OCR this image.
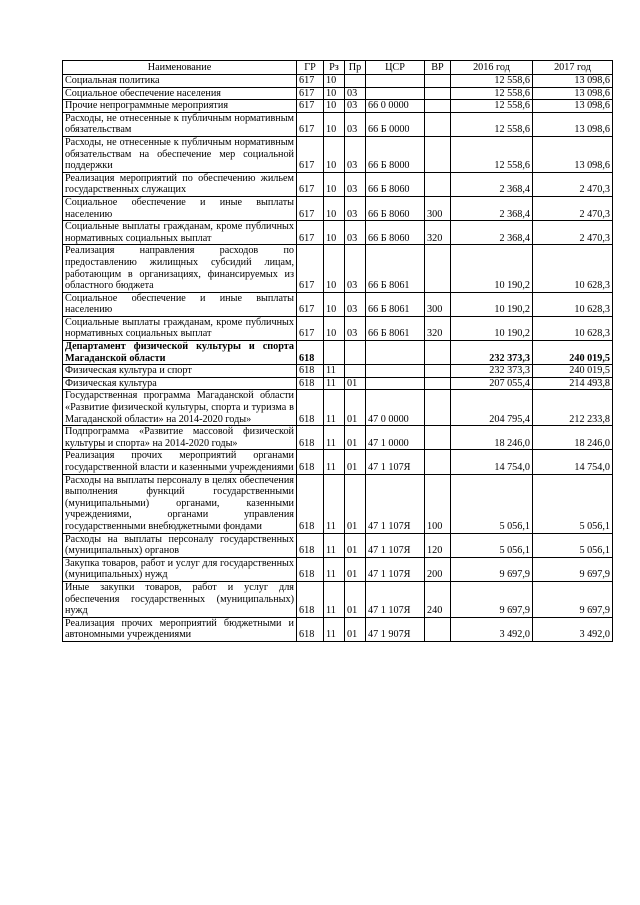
Наименование	ГР	Рз	Пр	ЦСР	ВР	2016 год	2017 год
Социальная политика	617	10				12 558,6	13 098,6
Социальное обеспечение населения	617	10	03			12 558,6	13 098,6
Прочие непрограммные мероприятия	617	10	03	66 0 0000		12 558,6	13 098,6
Расходы, не отнесенные к публичным нормативным обязательствам	617	10	03	66 Б 0000		12 558,6	13 098,6
Расходы, не отнесенные к публичным нормативным обязательствам на обеспечение мер социальной поддержки	617	10	03	66 Б 8000		12 558,6	13 098,6
Реализация мероприятий по обеспечению жильем государственных служащих	617	10	03	66 Б 8060		2 368,4	2 470,3
Социальное обеспечение и иные выплаты населению	617	10	03	66 Б 8060	300	2 368,4	2 470,3
Социальные выплаты гражданам, кроме публичных нормативных социальных выплат	617	10	03	66 Б 8060	320	2 368,4	2 470,3
Реализация направления расходов по предоставлению жилищных субсидий лицам, работающим в организациях, финансируемых из областного бюджета	617	10	03	66 Б 8061		10 190,2	10 628,3
Социальное обеспечение и иные выплаты населению	617	10	03	66 Б 8061	300	10 190,2	10 628,3
Социальные выплаты гражданам, кроме публичных нормативных социальных выплат	617	10	03	66 Б 8061	320	10 190,2	10 628,3
Департамент физической культуры и спорта Магаданской области	618					232 373,3	240 019,5
Физическая культура и спорт	618	11				232 373,3	240 019,5
Физическая культура	618	11	01			207 055,4	214 493,8
Государственная программа Магаданской области «Развитие физической культуры, спорта и туризма в Магаданской области» на 2014-2020 годы»	618	11	01	47 0 0000		204 795,4	212 233,8
Подпрограмма «Развитие массовой физической культуры и спорта» на 2014-2020 годы»	618	11	01	47 1 0000		18 246,0	18 246,0
Реализация прочих мероприятий органами государственной власти и казенными учреждениями	618	11	01	47 1 107Я		14 754,0	14 754,0
Расходы на выплаты персоналу в целях обеспечения выполнения функций государственными (муниципальными) органами, казенными учреждениями, органами управления государственными внебюджетными фондами	618	11	01	47 1 107Я	100	5 056,1	5 056,1
Расходы на выплаты персоналу государственных (муниципальных) органов	618	11	01	47 1 107Я	120	5 056,1	5 056,1
Закупка товаров, работ и услуг для государственных (муниципальных) нужд	618	11	01	47 1 107Я	200	9 697,9	9 697,9
Иные закупки товаров, работ и услуг для обеспечения государственных (муниципальных) нужд	618	11	01	47 1 107Я	240	9 697,9	9 697,9
Реализация прочих мероприятий бюджетными и автономными учреждениями	618	11	01	47 1 907Я		3 492,0	3 492,0
